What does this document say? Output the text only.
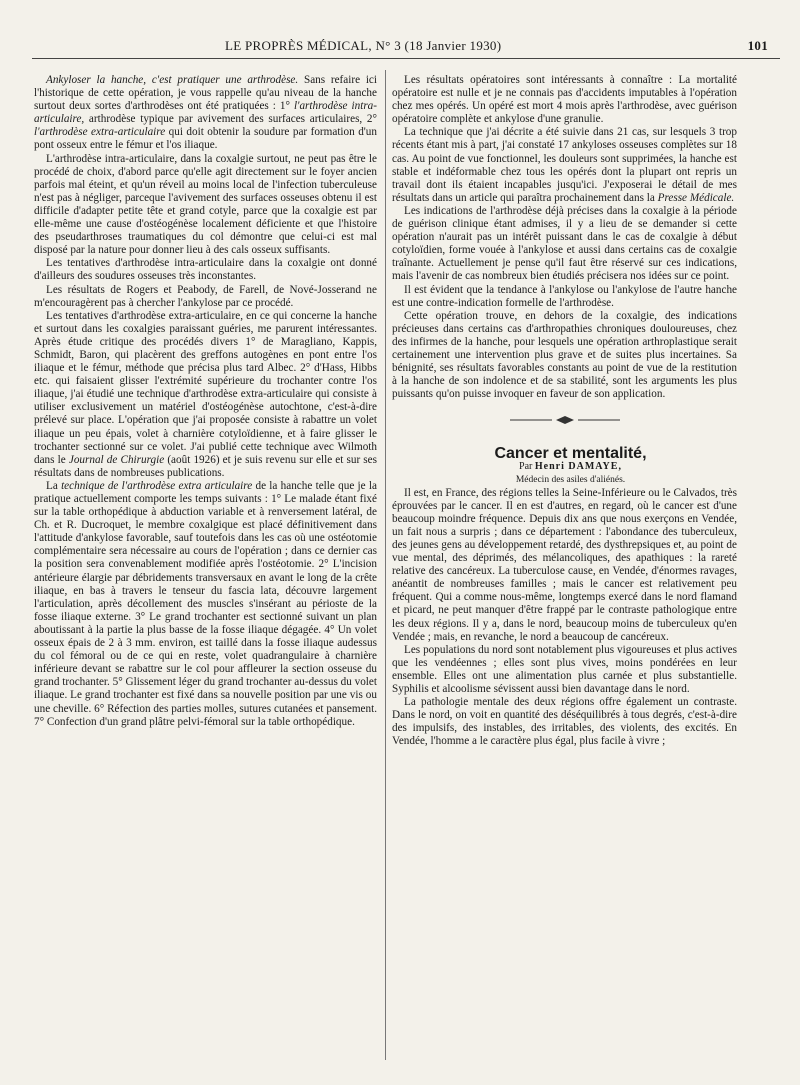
LE PROPRÈS MÉDICAL, N° 3 (18 Janvier 1930)	101

Ankyloser la hanche, c'est pratiquer une arthrodèse. Sans refaire ici l'historique de cette opération, je vous rappelle qu'au niveau de la hanche surtout deux sortes d'arthrodèses ont été pratiquées : 1° l'arthrodèse intra-articulaire, arthrodèse typique par avivement des surfaces articulaires, 2° l'arthrodèse extra-articulaire qui doit obtenir la soudure par formation d'un pont osseux entre le fémur et l'os iliaque.

L'arthrodèse intra-articulaire, dans la coxalgie surtout, ne peut pas être le procédé de choix, d'abord parce qu'elle agit directement sur le foyer ancien parfois mal éteint, et qu'un réveil au moins local de l'infection tuberculeuse n'est pas à négliger, parceque l'avivement des surfaces osseuses obtenu il est difficile d'adapter petite tête et grand cotyle, parce que la coxalgie est par elle-même une cause d'ostéogénèse localement déficiente et que l'histoire des pseudarthroses traumatiques du col démontre que celui-ci est mal disposé par la nature pour donner lieu à des cals osseux suffisants.

Les tentatives d'arthrodèse intra-articulaire dans la coxalgie ont donné d'ailleurs des soudures osseuses très inconstantes.

Les résultats de Rogers et Peabody, de Farell, de Nové-Josserand ne m'encouragèrent pas à chercher l'ankylose par ce procédé.

Les tentatives d'arthrodèse extra-articulaire, en ce qui concerne la hanche et surtout dans les coxalgies paraissant guéries, me parurent intéressantes. Après étude critique des procédés divers 1° de Maragliano, Kappis, Schmidt, Baron, qui placèrent des greffons autogènes en pont entre l'os iliaque et le fémur, méthode que précisa plus tard Albec. 2° d'Hass, Hibbs etc. qui faisaient glisser l'extrémité supérieure du trochanter contre l'os iliaque, j'ai étudié une technique d'arthrodèse extra-articulaire qui consiste à utiliser exclusivement un matériel d'ostéogénèse autochtone, c'est-à-dire prélevé sur place. L'opération que j'ai proposée consiste à rabattre un volet iliaque un peu épais, volet à charnière cotyloïdienne, et à faire glisser le trochanter sectionné sur ce volet. J'ai publié cette technique avec Wilmoth dans le Journal de Chirurgie (août 1926) et je suis revenu sur elle et sur ses résultats dans de nombreuses publications.

La technique de l'arthrodèse extra articulaire de la hanche telle que je la pratique actuellement comporte les temps suivants : 1° Le malade étant fixé sur la table orthopédique à abduction variable et à renversement latéral, de Ch. et R. Ducroquet, le membre coxalgique est placé définitivement dans l'attitude d'ankylose favorable, sauf toutefois dans les cas où une ostéotomie complémentaire sera nécessaire au cours de l'opération ; dans ce dernier cas la position sera convenablement modifiée après l'ostéotomie. 2° L'incision antérieure élargie par débridements transversaux en avant le long de la crête iliaque, en bas à travers le tenseur du fascia lata, découvre largement l'articulation, après décollement des muscles s'insérant au périoste de la fosse iliaque externe. 3° Le grand trochanter est sectionné suivant un plan aboutissant à la partie la plus basse de la fosse iliaque dégagée. 4° Un volet osseux épais de 2 à 3 mm. environ, est taillé dans la fosse iliaque audessus du col fémoral ou de ce qui en reste, volet quadrangulaire à charnière inférieure devant se rabattre sur le col pour affleurer la section osseuse du grand trochanter. 5° Glissement léger du grand trochanter au-dessus du volet iliaque. Le grand trochanter est fixé dans sa nouvelle position par une vis ou une cheville. 6° Réfection des parties molles, sutures cutanées et pansement. 7° Confection d'un grand plâtre pelvi-fémoral sur la table orthopédique.

Les résultats opératoires sont intéressants à connaître : La mortalité opératoire est nulle et je ne connais pas d'accidents imputables à l'opération chez mes opérés. Un opéré est mort 4 mois après l'arthrodèse, avec guérison opératoire complète et ankylose d'une granulie.

La technique que j'ai décrite a été suivie dans 21 cas, sur lesquels 3 trop récents étant mis à part, j'ai constaté 17 ankyloses osseuses complètes sur 18 cas. Au point de vue fonctionnel, les douleurs sont supprimées, la hanche est stable et indéformable chez tous les opérés dont la plupart ont repris un travail dont ils étaient incapables jusqu'ici. J'exposerai le détail de mes résultats dans un article qui paraîtra prochainement dans la Presse Médicale.

Les indications de l'arthrodèse déjà précises dans la coxalgie à la période de guérison clinique étant admises, il y a lieu de se demander si cette opération n'aurait pas un intérêt puissant dans le cas de coxalgie à début cotyloïdien, forme vouée à l'ankylose et aussi dans certains cas de coxalgie traînante. Actuellement je pense qu'il faut être réservé sur ces indications, mais l'avenir de cas nombreux bien étudiés précisera nos idées sur ce point.

Il est évident que la tendance à l'ankylose ou l'ankylose de l'autre hanche est une contre-indication formelle de l'arthrodèse.

Cette opération trouve, en dehors de la coxalgie, des indications précieuses dans certains cas d'arthropathies chroniques douloureuses, chez des infirmes de la hanche, pour lesquels une opération arthroplastique serait certainement une intervention plus grave et de suites plus incertaines. Sa bénignité, ses résultats favorables constants au point de vue de la restitution à la hanche de son indolence et de sa stabilité, sont les arguments les plus puissants qu'on puisse invoquer en faveur de son application.

Cancer et mentalité,

Par Henri DAMAYE,

Médecin des asiles d'aliénés.

Il est, en France, des régions telles la Seine-Inférieure ou le Calvados, très éprouvées par le cancer. Il en est d'autres, en regard, où le cancer est d'une beaucoup moindre fréquence. Depuis dix ans que nous exerçons en Vendée, un fait nous a surpris ; dans ce département : l'abondance des tuberculeux, des jeunes gens au développement retardé, des dysthrepsiques et, au point de vue mental, des déprimés, des mélancoliques, des apathiques : la rareté relative des cancéreux. La tuberculose cause, en Vendée, d'énormes ravages, anéantit de nombreuses familles ; mais le cancer est relativement peu fréquent. Qui a comme nous-même, longtemps exercé dans le nord flamand et picard, ne peut manquer d'être frappé par le contraste pathologique entre les deux régions. Il y a, dans le nord, beaucoup moins de tuberculeux qu'en Vendée ; mais, en revanche, le nord a beaucoup de cancéreux.

Les populations du nord sont notablement plus vigoureuses et plus actives que les vendéennes ; elles sont plus vives, moins pondérées en leur ensemble. Elles ont une alimentation plus carnée et plus substantielle. Syphilis et alcoolisme sévissent aussi bien davantage dans le nord.

La pathologie mentale des deux régions offre également un contraste. Dans le nord, on voit en quantité des déséquilibrés à tous degrés, c'est-à-dire des impulsifs, des instables, des irritables, des violents, des excités. En Vendée, l'homme a le caractère plus égal, plus facile à vivre ;
